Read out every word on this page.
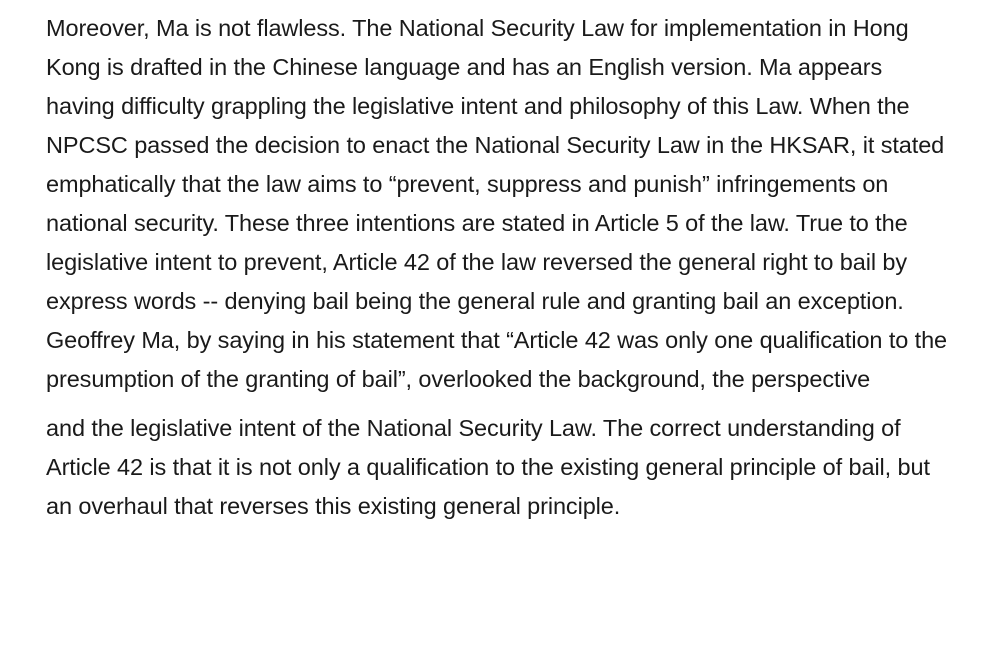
Moreover, Ma is not flawless. The National Security Law for implementation in Hong Kong is drafted in the Chinese language and has an English version. Ma appears having difficulty grappling the legislative intent and philosophy of this Law. When the NPCSC passed the decision to enact the National Security Law in the HKSAR, it stated emphatically that the law aims to “prevent, suppress and punish” infringements on national security. These three intentions are stated in Article 5 of the law. True to the legislative intent to prevent, Article 42 of the law reversed the general right to bail by express words -- denying bail being the general rule and granting bail an exception. Geoffrey Ma, by saying in his statement that “Article 42 was only one qualification to the presumption of the granting of bail”, overlooked the background, the perspective

and the legislative intent of the National Security Law. The correct understanding of Article 42 is that it is not only a qualification to the existing general principle of bail, but an overhaul that reverses this existing general principle.
